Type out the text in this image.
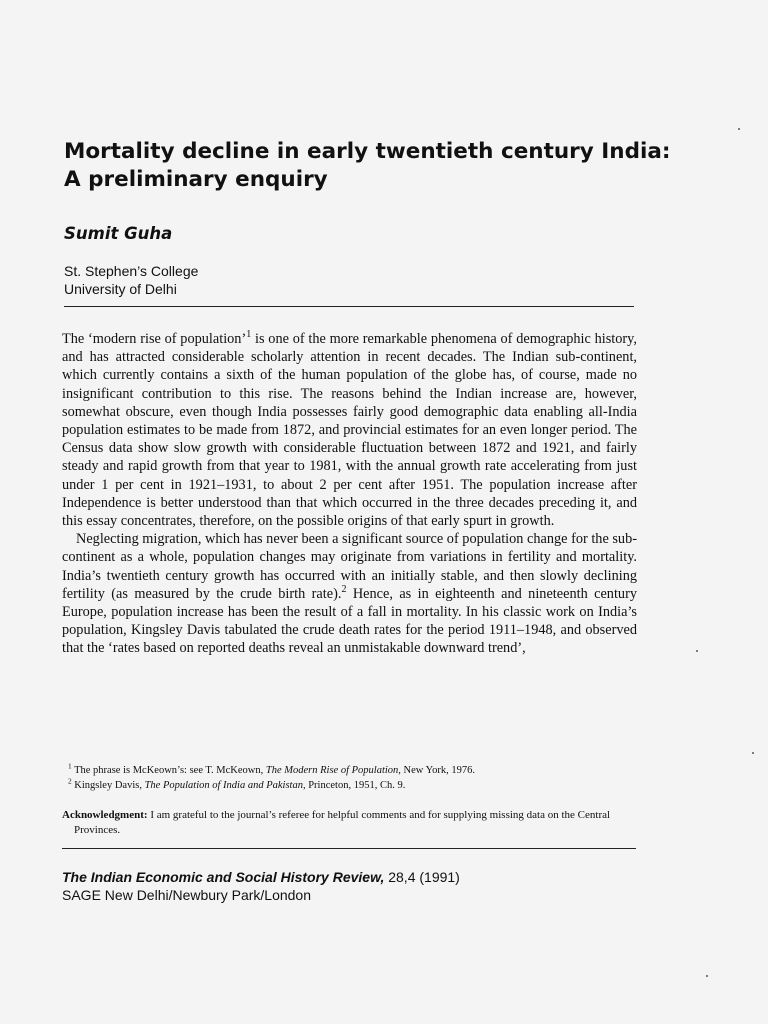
Mortality decline in early twentieth century India: A preliminary enquiry
Sumit Guha
St. Stephen’s College
University of Delhi

The ‘modern rise of population’$^1$ is one of the more remarkable phenomena of demographic history, and has attracted considerable scholarly attention in recent decades. The Indian sub-continent, which currently contains a sixth of the human population of the globe has, of course, made no insignificant contribution to this rise. The reasons behind the Indian increase are, however, somewhat obscure, even though India possesses fairly good demographic data enabling all-India population estimates to be made from 1872, and provincial estimates for an even longer period. The Census data show slow growth with considerable fluctuation between 1872 and 1921, and fairly steady and rapid growth from that year to 1981, with the annual growth rate accelerating from just under 1 per cent in 1921–1931, to about 2 per cent after 1951. The population increase after Independence is better understood than that which occurred in the three decades preceding it, and this essay concentrates, therefore, on the possible origins of that early spurt in growth.

Neglecting migration, which has never been a significant source of population change for the sub-continent as a whole, population changes may originate from variations in fertility and mortality. India’s twentieth century growth has occurred with an initially stable, and then slowly declining fertility (as measured by the crude birth rate).$^2$ Hence, as in eighteenth and nineteenth century Europe, population increase has been the result of a fall in mortality. In his classic work on India’s population, Kingsley Davis tabulated the crude death rates for the period 1911–1948, and observed that the ‘rates based on reported deaths reveal an unmistakable downward trend’,

$^1$ The phrase is McKeown’s: see T. McKeown, The Modern Rise of Population, New York, 1976.
$^2$ Kingsley Davis, The Population of India and Pakistan, Princeton, 1951, Ch. 9.
Acknowledgment: I am grateful to the journal’s referee for helpful comments and for supplying missing data on the Central Provinces.
The Indian Economic and Social History Review, 28,4 (1991)
SAGE New Delhi/Newbury Park/London
